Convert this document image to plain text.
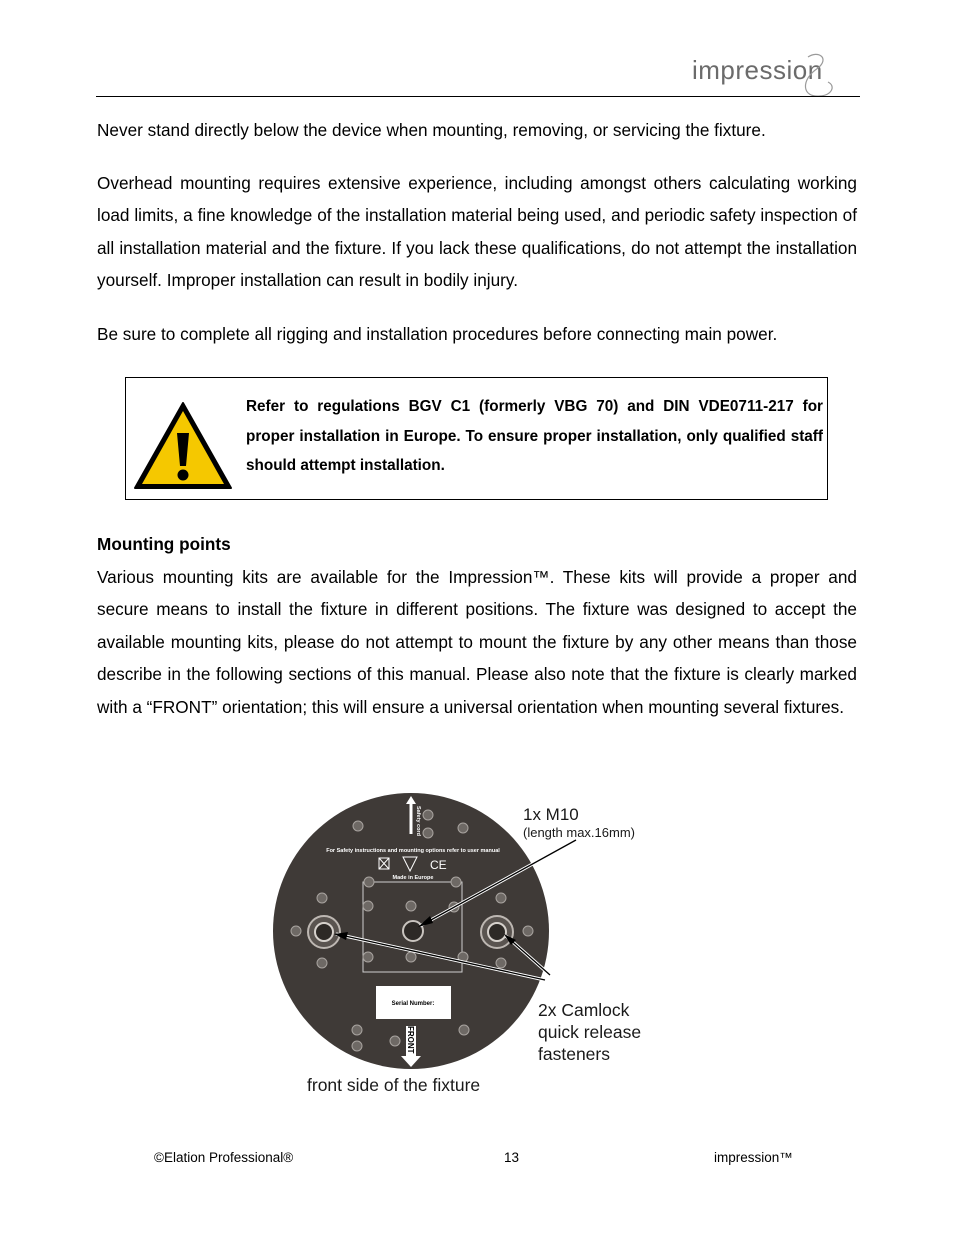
impression

Never stand directly below the device when mounting, removing, or servicing the fixture.

Overhead mounting requires extensive experience, including amongst others calculating working load limits, a fine knowledge of the installation material being used, and periodic safety inspection of all installation material and the fixture. If you lack these qualifications, do not attempt the installation yourself. Improper installation can result in bodily injury.

Be sure to complete all rigging and installation procedures before connecting main power.

Refer to regulations BGV C1 (formerly VBG 70) and DIN VDE0711-217 for proper installation in Europe. To ensure proper installation, only qualified staff should attempt installation.

Mounting points

Various mounting kits are available for the Impression™. These kits will provide a proper and secure means to install the fixture in different positions. The fixture was designed to accept the available mounting kits, please do not attempt to mount the fixture by any other means than those describe in the following sections of this manual. Please also note that the fixture is clearly marked with a “FRONT” orientation; this will ensure a universal orientation when mounting several fixtures.

Safety cord
For Safety instructions and mounting options refer to user manual
Made in Europe
CE
Serial Number:
FRONT
1x M10
(length max.16mm)
2x Camlock
quick release
fasteners
front side of the fixture

©Elation Professional®	13	impression™
